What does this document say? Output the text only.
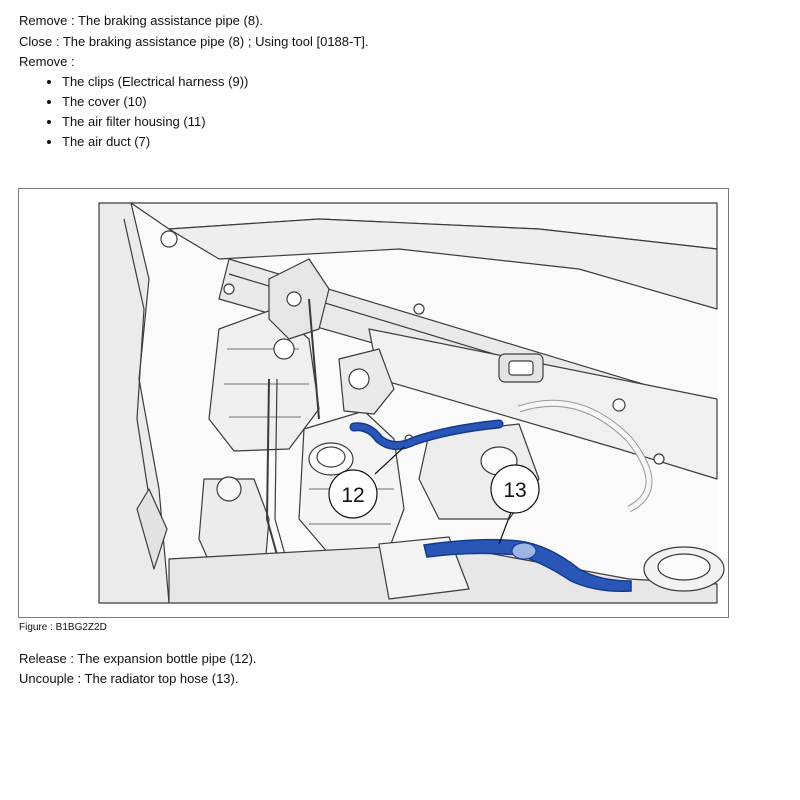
Remove : The braking assistance pipe (8).
Close : The braking assistance pipe (8) ; Using tool [0188-T].
Remove :
• The clips (Electrical harness (9))
• The cover (10)
• The air filter housing (11)
• The air duct (7)
12	13
Figure : B1BG2Z2D
Release : The expansion bottle pipe (12).
Uncouple : The radiator top hose (13).
